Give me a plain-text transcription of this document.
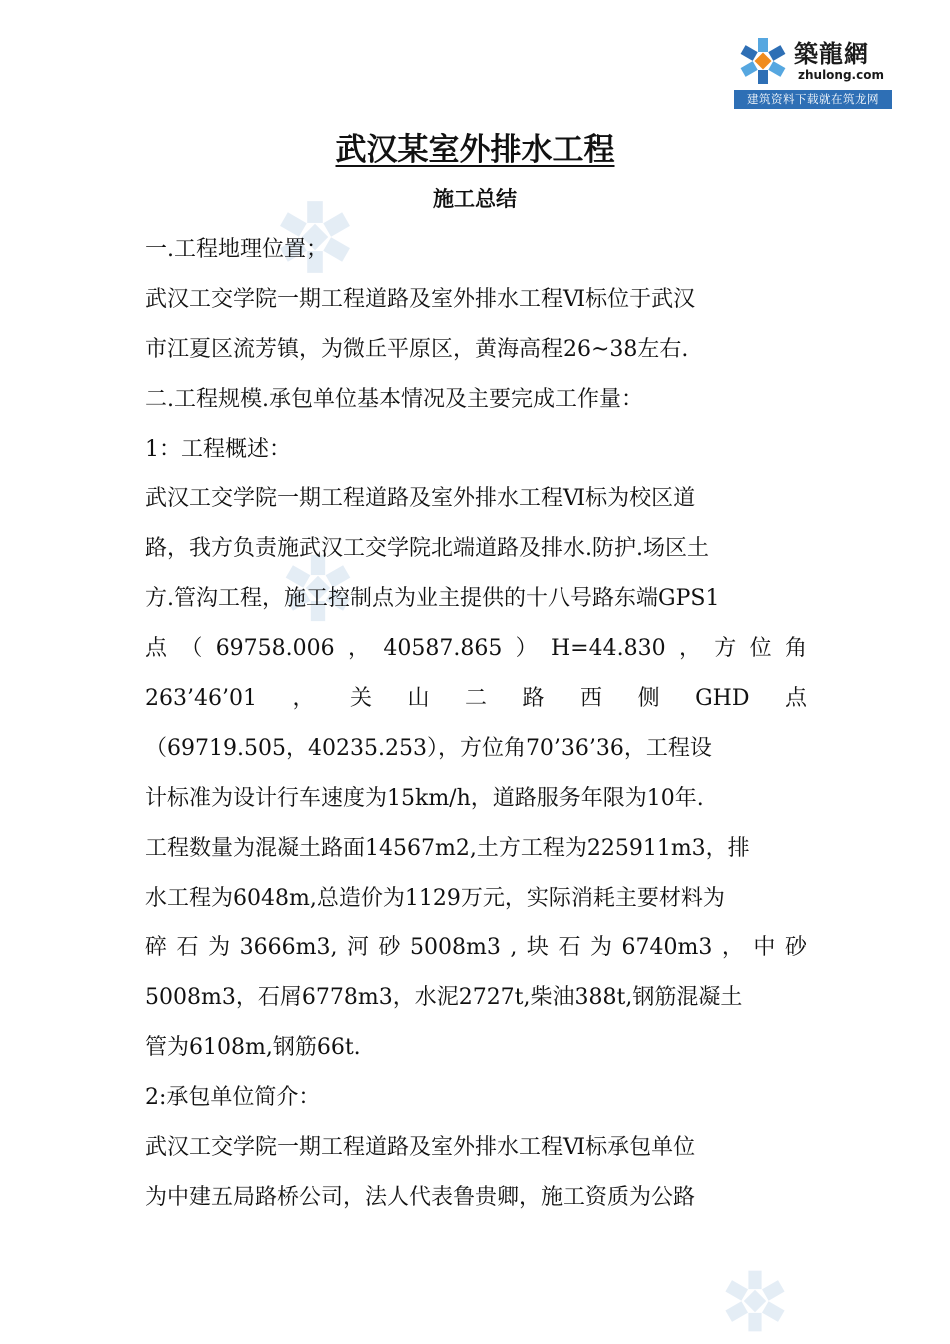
築龍網
zhulong.com
建筑资料下载就在筑龙网
武汉某室外排水工程
施工总结
一.工程地理位置；
武汉工交学院一期工程道路及室外排水工程Ⅵ标位于武汉
市江夏区流芳镇，为微丘平原区，黄海高程26~38左右.
二.工程规模.承包单位基本情况及主要完成工作量：
1：工程概述：
武汉工交学院一期工程道路及室外排水工程Ⅵ标为校区道
路，我方负责施武汉工交学院北端道路及排水.防护.场区土
方.管沟工程，施工控制点为业主提供的十八号路东端GPS1
点 （ 69758.006 ， 40587.865 ） H=44.830 ， 方 位 角
263’46’01 ， 关 山 二 路 西 侧 GHD 点
（69719.505，40235.253），方位角70’36’36，工程设
计标准为设计行车速度为15km/h，道路服务年限为10年.
工程数量为混凝土路面14567m2,土方工程为225911m3，排
水工程为6048m,总造价为1129万元，实际消耗主要材料为
碎 石 为 3666m3, 河 砂 5008m3 , 块 石 为 6740m3 ， 中 砂
5008m3，石屑6778m3，水泥2727t,柴油388t,钢筋混凝土
管为6108m,钢筋66t.
2:承包单位简介：
武汉工交学院一期工程道路及室外排水工程Ⅵ标承包单位
为中建五局路桥公司，法人代表鲁贵卿，施工资质为公路
